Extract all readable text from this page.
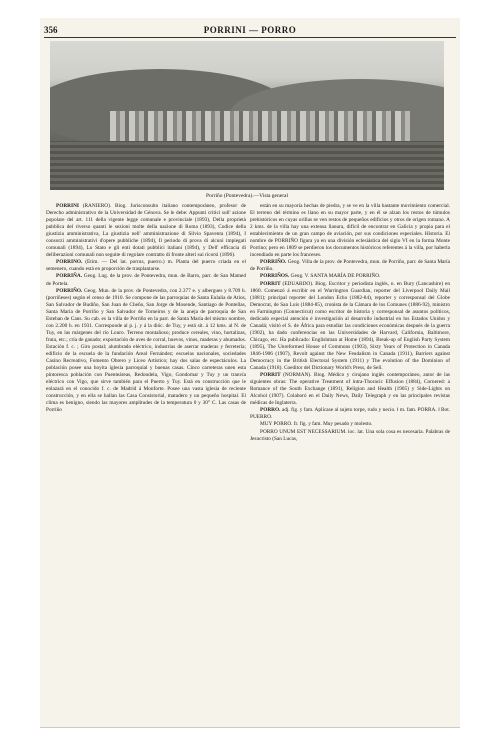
356	PORRINI — PORRO
Porriño (Pontevedra).—Vista general

PORRINI (RANIERO). Biog. Jurisconsulto italiano contemporáneo, profesor de Derecho administrativo de la Universidad de Génova. Se le debe: Appunti critici sull' azione popolare del art. 111 della vigente legge comunale e provinciale (1893), Della proprietà pubblica del riverso quanti le sezioni molte della nazione di Roma (1893), Codice della giustizia amministrativa, La giustizia nell' amministrazione di Silvio Spaventa (1894), I consorzi amministrativi d'opere pubbliche (1894), Il periodo di prova di alcuni impiegati comunali (1894), Lo Stato e gli enti dotati pubblici italiani (1894), y Dell' efficacia di deliberazioni comunali non seguite di regolare contratto di fronte alteri sui ricorsi (1896).

PORRINO. (Etim. — Del lat. porrus, puerro.) m. Planta del puerro criada en el semenero, cuando está en proporción de trasplantarse.

PORRIÑA. Geog. Lug. de la prov. de Pontevedra, mun. de Barro, parr. de San Mamed de Portela.

PORRIÑO. Geog. Mun. de la prov. de Pontevedra, con 2.377 e. y albergues y 8.709 h. (porriñeses) según el censo de 1910. Se compone de las parroquias de Santa Eulalia de Atios, San Salvador de Budiño, San Juan de Cheño, San Jorge de Mosende, Santiago de Pontellas, Santa María de Porriño y San Salvador de Torneiros y de la aneja de parroquia de San Esteban de Cans. Su cab. es la villa de Porriño en la parr. de Santa María del mismo nombre, con 2.200 h. en 1931. Corresponde al p. j. y á la dióc. de Tuy, y está sit. á 12 kms. al N. de Tuy, en las márgenes del río Louro. Terreno montañoso; produce cereales, vino, hortalizas, fruta, etc.; cría de ganado; exportación de aves de corral, huevos, vinos, maderas y ahumados. Estación f. c. ; Giro postal; alumbrado eléctrico, industrias de aserrar maderas y ferretería; edificio de la escuela de la fundación Areal Fernández; escuelas nacionales, sociedades Casino Recreativo, Fomento Obrero y Liceo Artístico; hay dos salas de espectáculos. La población posee una hoyita iglesia parroquial y buenas casas. Cinco carreteras unen esta pintoresca población con Puenteáreas, Redondela, Vigo, Gondomar y Tuy y un tranvía eléctrico con Vigo, que sirve también para el Puerto y Tuy. Está en construcción que le enlazará en el conocido f. c. de Madrid á Monforte. Posee una vasta iglesia de reciente construcción, y en ella se hallan las Casa Consistorial, matadero y un pequeño hospital. El clima es benigno, siendo las mayores amplitudes de la temperatura 0 y 30° C. Las casas de Porriño

están en su mayoría hechas de piedra, y se ve en la villa bastante movimiento comercial. El terreno del término es llano en su mayor parte, y en él se alzan los restos de túmulos prehistóricos en cuyas orillas se ven restos de pequeños edificios y otros de origen romano. A 2 kms. de la villa hay una extensa llanura, difícil de encontrar en Galicia y propia para el establecimiento de un gran campo de aviación, por sus condiciones especiales. Historia. El nombre de PORRIÑO figura ya en una división eclesiástica del siglo VI en la forma Monte Porrino; pero en 1809 se perdieron los documentos históricos referentes á la villa, por haberla incendiado en parte los franceses.

PORRIÑO. Geog. Villa de la prov. de Pontevedra, mun. de Porriño, parr. de Santa María de Porriño.

PORRIÑOS. Geog. V. SANTA MARÍA DE PORRIÑO.

PORRIT (EDUARDO). Biog. Escritor y periodista inglés, n. en Bury (Lancashire) en 1860. Comenzó á escribir en el Warrington Guardian, reporter del Liverpool Daily Mail (1881); principal reporter del London Echo (1882-84), reporter y corresponsal del Globe Democrat, de San Luis (1884-85), cronista de la Cámara de los Comunes (1886-92), ministro en Farmington (Connecticut) como escritor de historia y corresponsal de asuntos políticos, dedicado especial atención é investigación al desarrollo industrial en los Estados Unidos y Canadá; visitó el S. de África para estudiar las condiciones económicas después de la guerra (1902), ha dado conferencias en las Universidades de Harvard, California, Baltimore, Chicago, etc. Ha publicado: Englishman at Home (1894), Break-up of English Party System (1895), The Unreformed House of Commons (1903), Sixty Years of Protection in Canada 1846-1906 (1907), Revolt against the New Feudalism in Canada (1911), Barriers against Democracy in the British Electoral System (1911) y The evolution of the Dominion of Canada (1918). Coeditor del Dictionary World's Press, de Sell.

PORRIT (NORMAN). Biog. Médico y cirujano inglés contemporáneo, autor de las siguientes obras: The operative Treatment of intra-Thoracic Effusion (1884), Cornered: a Romance of the South Exchange (1891), Religion and Health (1905) y Side-Lights on Alcohol (1907). Colaboró en el Daily News, Daily Telegraph y en las principales revistas médicas de Inglaterra.

PORRO. adj. fig. y fam. Aplícase al sujeto torpe, rudo y necio. ‖ m. fam. PORRA. ‖ Bot. PUERRO.

MUY PORRO. fr. fig. y fam. Muy pesado y molesto.

PORRO UNUM EST NECESSARIUM. loc. lat. Una sola cosa es necesaria. Palabras de Jesucristo (San Lucas,
